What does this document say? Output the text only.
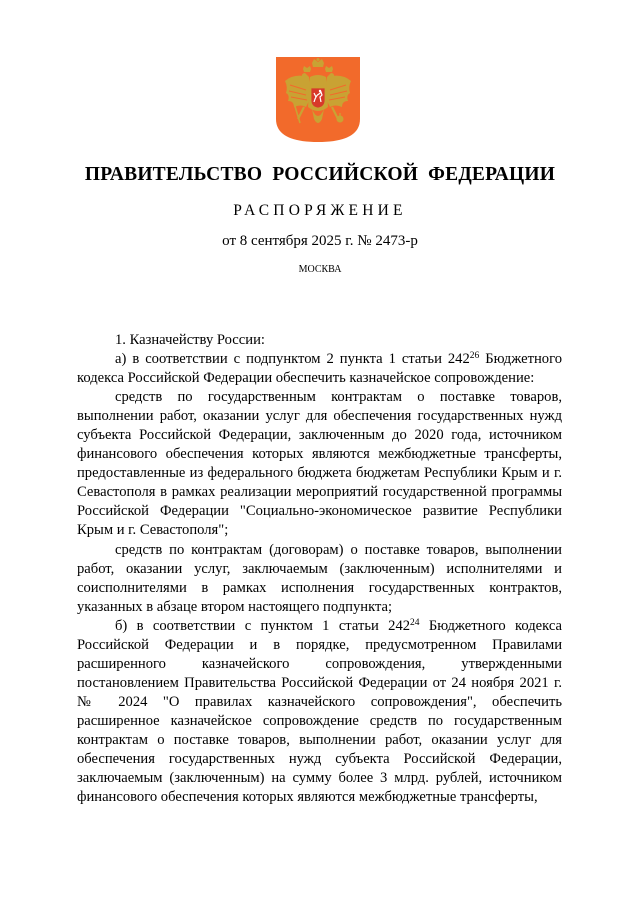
ПРАВИТЕЛЬСТВО РОССИЙСКОЙ ФЕДЕРАЦИИ
РАСПОРЯЖЕНИЕ
от 8 сентября 2025 г. № 2473-р
МОСКВА

1. Казначейству России:

а) в соответствии с подпунктом 2 пункта 1 статьи $242^{26}$ Бюджетного кодекса Российской Федерации обеспечить казначейское сопровождение:

средств по государственным контрактам о поставке товаров, выполнении работ, оказании услуг для обеспечения государственных нужд субъекта Российской Федерации, заключенным до 2020 года, источником финансового обеспечения которых являются межбюджетные трансферты, предоставленные из федерального бюджета бюджетам Республики Крым и г. Севастополя в рамках реализации мероприятий государственной программы Российской Федерации "Социально-экономическое развитие Республики Крым и г. Севастополя";

средств по контрактам (договорам) о поставке товаров, выполнении работ, оказании услуг, заключаемым (заключенным) исполнителями и соисполнителями в рамках исполнения государственных контрактов, указанных в абзаце втором настоящего подпункта;

б) в соответствии с пунктом 1 статьи $242^{24}$ Бюджетного кодекса Российской Федерации и в порядке, предусмотренном Правилами расширенного казначейского сопровождения, утвержденными постановлением Правительства Российской Федерации от 24 ноября 2021 г. № 2024 "О правилах казначейского сопровождения", обеспечить расширенное казначейское сопровождение средств по государственным контрактам о поставке товаров, выполнении работ, оказании услуг для обеспечения государственных нужд субъекта Российской Федерации, заключаемым (заключенным) на сумму более 3 млрд. рублей, источником финансового обеспечения которых являются межбюджетные трансферты,
